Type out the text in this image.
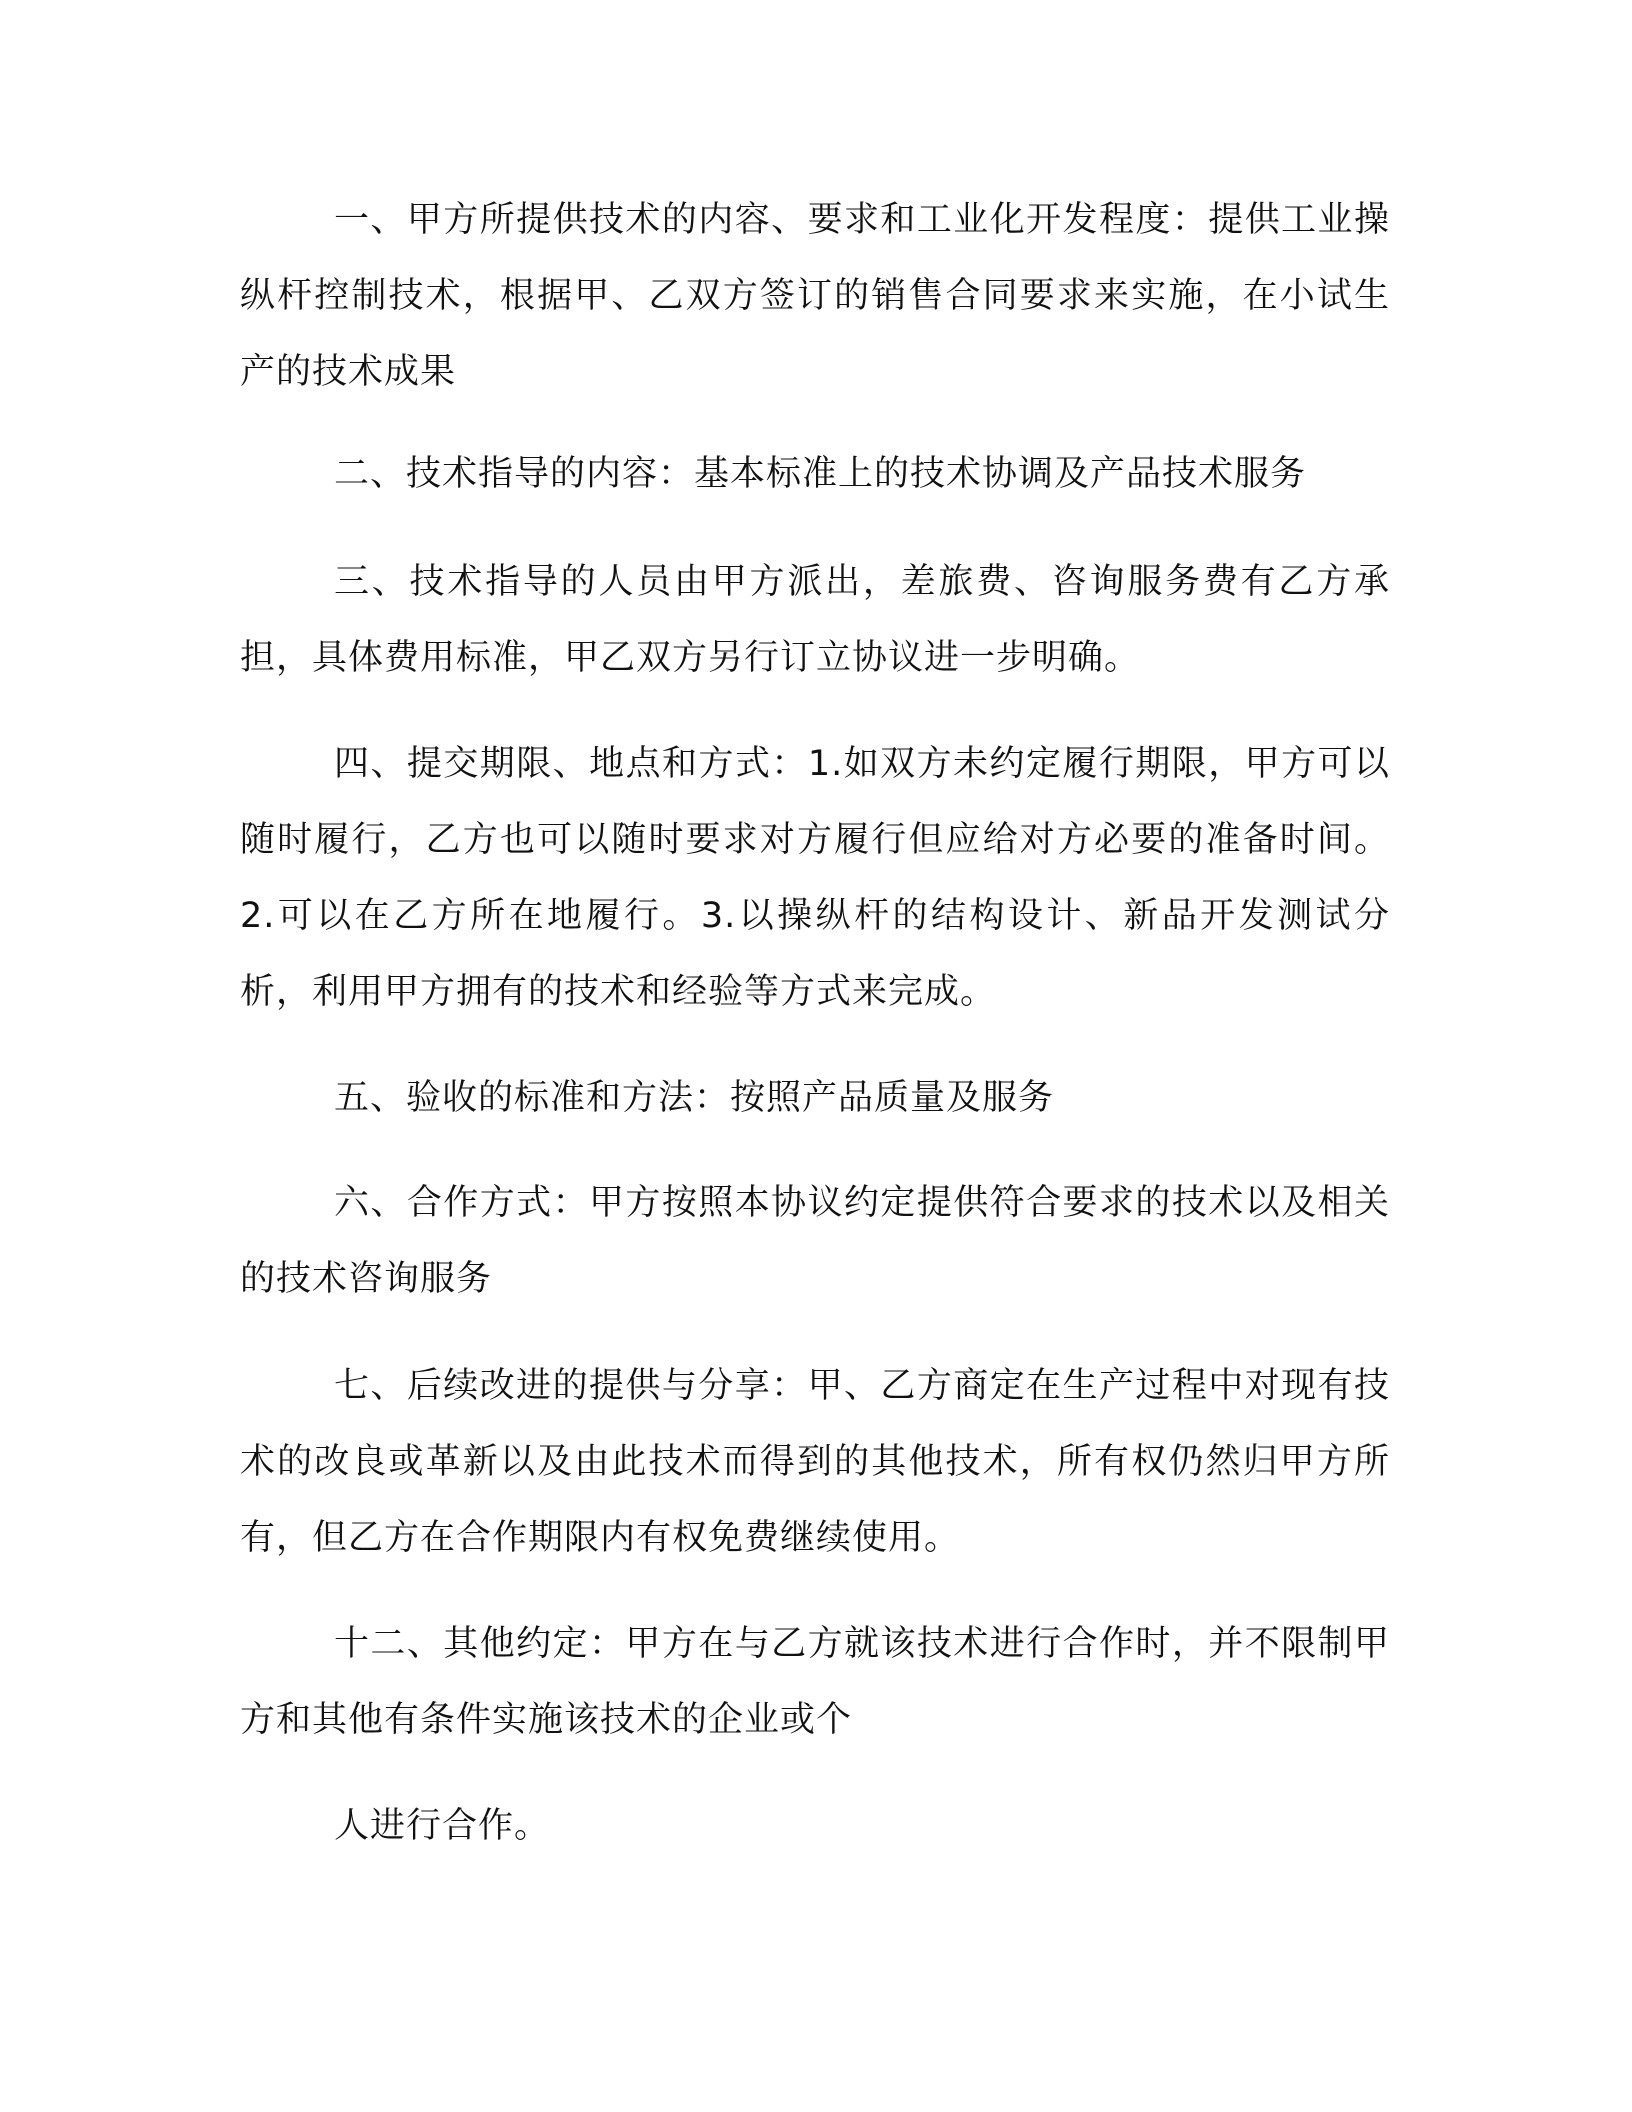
一、甲方所提供技术的内容、要求和工业化开发程度：提供工业操纵杆控制技术，根据甲、乙双方签订的销售合同要求来实施，在小试生产的技术成果

二、技术指导的内容：基本标准上的技术协调及产品技术服务

三、技术指导的人员由甲方派出，差旅费、咨询服务费有乙方承担，具体费用标准，甲乙双方另行订立协议进一步明确。

四、提交期限、地点和方式：1.如双方未约定履行期限，甲方可以随时履行，乙方也可以随时要求对方履行但应给对方必要的准备时间。2.可以在乙方所在地履行。3.以操纵杆的结构设计、新品开发测试分析，利用甲方拥有的技术和经验等方式来完成。

五、验收的标准和方法：按照产品质量及服务

六、合作方式：甲方按照本协议约定提供符合要求的技术以及相关的技术咨询服务

七、后续改进的提供与分享：甲、乙方商定在生产过程中对现有技术的改良或革新以及由此技术而得到的其他技术，所有权仍然归甲方所有，但乙方在合作期限内有权免费继续使用。

十二、其他约定：甲方在与乙方就该技术进行合作时，并不限制甲方和其他有条件实施该技术的企业或个

人进行合作。
